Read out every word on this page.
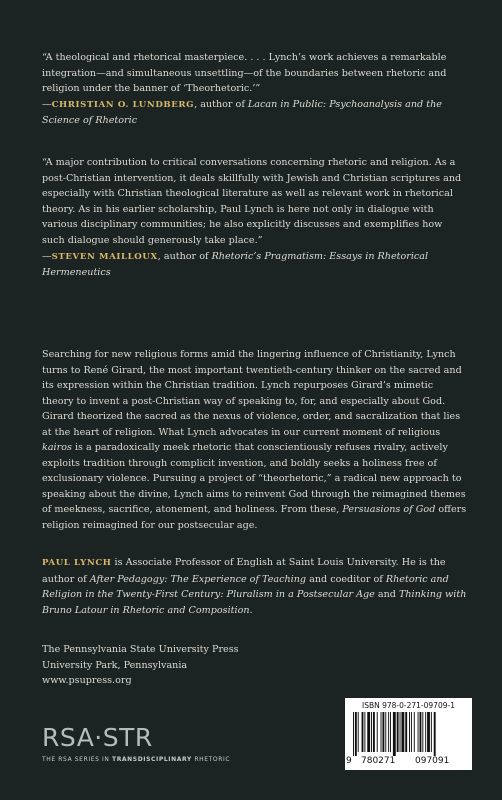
“A theological and rhetorical masterpiece. . . . Lynch’s work achieves a remarkable integration—and simultaneous unsettling—of the boundaries between rhetoric and religion under the banner of ‘Theorhetoric.’”

—CHRISTIAN O. LUNDBERG, author of Lacan in Public: Psychoanalysis and the Science of Rhetoric

“A major contribution to critical conversations concerning rhetoric and religion. As a post-Christian intervention, it deals skillfully with Jewish and Christian scriptures and especially with Christian theological literature as well as relevant work in rhetorical theory. As in his earlier scholarship, Paul Lynch is here not only in dialogue with various disciplinary communities; he also explicitly discusses and exemplifies how such dialogue should generously take place.”

—STEVEN MAILLOUX, author of Rhetoric’s Pragmatism: Essays in Rhetorical Hermeneutics

Searching for new religious forms amid the lingering influence of Christianity, Lynch turns to René Girard, the most important twentieth-century thinker on the sacred and its expression within the Christian tradition. Lynch repurposes Girard’s mimetic theory to invent a post-Christian way of speaking to, for, and especially about God. Girard theorized the sacred as the nexus of violence, order, and sacralization that lies at the heart of religion. What Lynch advocates in our current moment of religious kairos is a paradoxically meek rhetoric that conscientiously refuses rivalry, actively exploits tradition through complicit invention, and boldly seeks a holiness free of exclusionary violence. Pursuing a project of “theorhetoric,” a radical new approach to speaking about the divine, Lynch aims to reinvent God through the reimagined themes of meekness, sacrifice, atonement, and holiness. From these, Persuasions of God offers religion reimagined for our postsecular age.

PAUL LYNCH is Associate Professor of English at Saint Louis University. He is the author of After Pedagogy: The Experience of Teaching and coeditor of Rhetoric and Religion in the Twenty-First Century: Pluralism in a Postsecular Age and Thinking with Bruno Latour in Rhetoric and Composition.

The Pennsylvania State University Press
University Park, Pennsylvania
www.psupress.org
RSA·STR
THE RSA SERIES IN TRANSDISCIPLINARY RHETORIC
ISBN 978-0-271-09709-1
9 780271 097091
